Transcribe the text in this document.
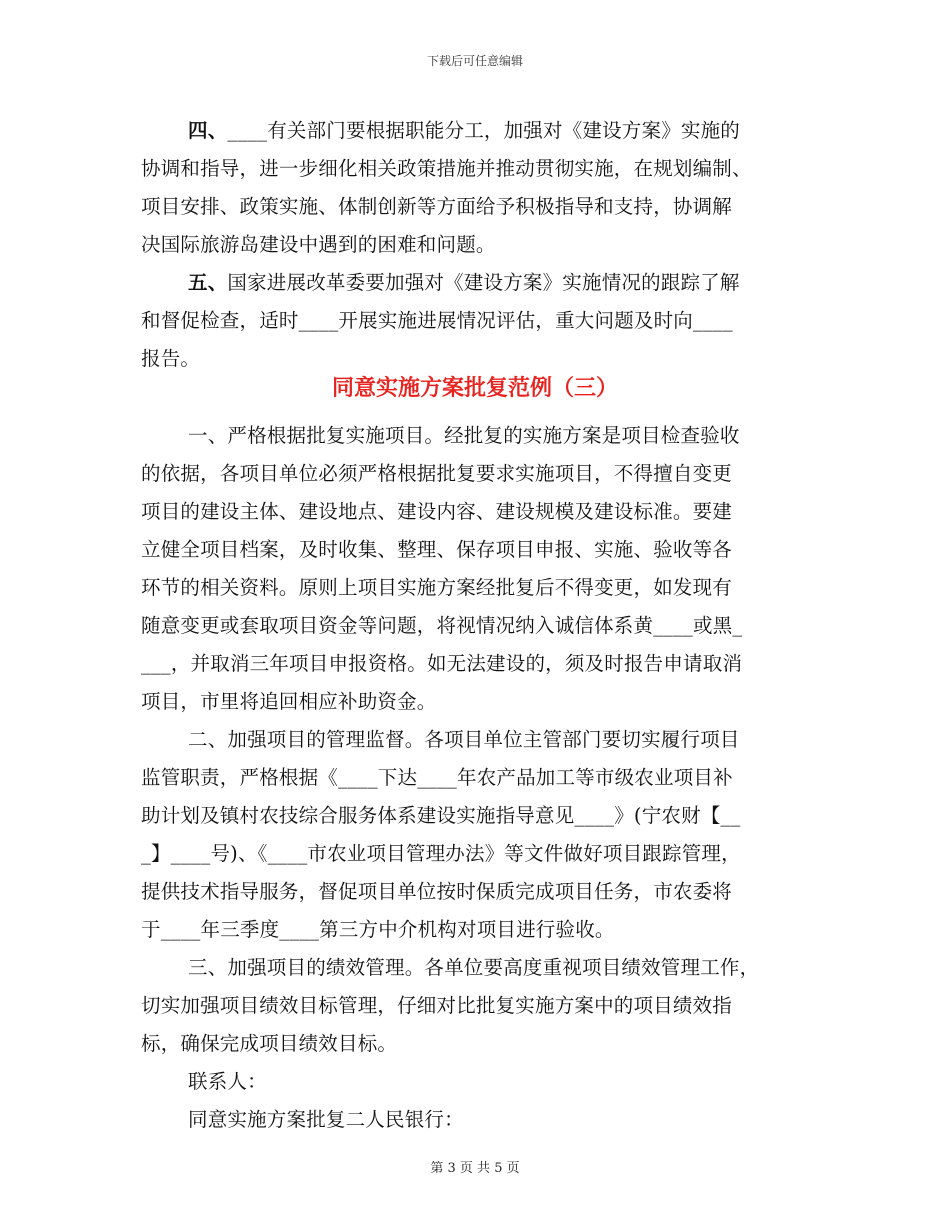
下载后可任意编辑
四、____有关部门要根据职能分工，加强对《建设方案》实施的
协调和指导，进一步细化相关政策措施并推动贯彻实施，在规划编制、
项目安排、政策实施、体制创新等方面给予积极指导和支持，协调解
决国际旅游岛建设中遇到的困难和问题。
五、国家进展改革委要加强对《建设方案》实施情况的跟踪了解
和督促检查，适时____开展实施进展情况评估，重大问题及时向____
报告。
同意实施方案批复范例（三）
一、严格根据批复实施项目。经批复的实施方案是项目检查验收
的依据，各项目单位必须严格根据批复要求实施项目，不得擅自变更
项目的建设主体、建设地点、建设内容、建设规模及建设标准。要建
立健全项目档案，及时收集、整理、保存项目申报、实施、验收等各
环节的相关资料。原则上项目实施方案经批复后不得变更，如发现有
随意变更或套取项目资金等问题，将视情况纳入诚信体系黄____或黑_
___，并取消三年项目申报资格。如无法建设的，须及时报告申请取消
项目，市里将追回相应补助资金。
二、加强项目的管理监督。各项目单位主管部门要切实履行项目
监管职责，严格根据《____下达____年农产品加工等市级农业项目补
助计划及镇村农技综合服务体系建设实施指导意见____》(宁农财【__
_】____号)、《____市农业项目管理办法》等文件做好项目跟踪管理，
提供技术指导服务，督促项目单位按时保质完成项目任务，市农委将
于____年三季度____第三方中介机构对项目进行验收。
三、加强项目的绩效管理。各单位要高度重视项目绩效管理工作，
切实加强项目绩效目标管理，仔细对比批复实施方案中的项目绩效指
标，确保完成项目绩效目标。
联系人：
同意实施方案批复二人民银行：
第 3 页 共 5 页
